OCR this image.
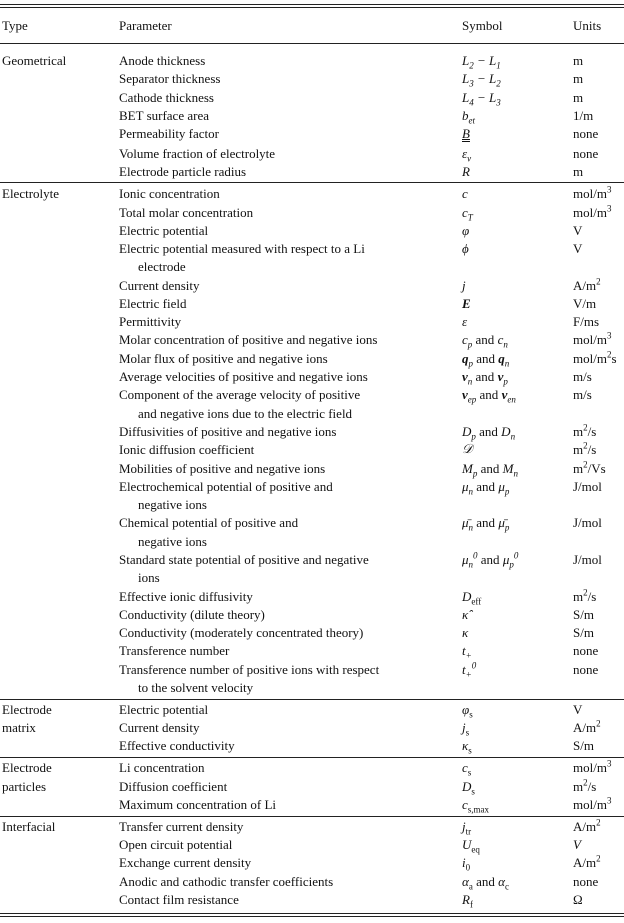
Type	Parameter	Symbol	Units
Geometrical	Anode thickness	$L_2 - L_1$	m
Separator thickness	$L_3 - L_2$	m
Cathode thickness	$L_4 - L_3$	m
BET surface area	$b_{et}$	1/m
Permeability factor	B	none
Volume fraction of electrolyte	$\varepsilon_v$	none
Electrode particle radius	R	m
Electrolyte	Ionic concentration	c	mol/$m^3$
Total molar concentration	$c_T$	mol/$m^3$
Electric potential	φ	V
Electric potential measured with respect to a Li	ϕ	V
electrode
Current density	j	$A/m^2$
Electric field	E	V/m
Permittivity	ε	F/ms
Molar concentration of positive and negative ions	$c_p$ and $c_n$	mol/$m^3$
Molar flux of positive and negative ions	$q_p$ and $q_n$	mol/$m^2s$
Average velocities of positive and negative ions	$v_n$ and $v_p$	m/s
Component of the average velocity of positive	$v_{ep}$ and $v_{en}$	m/s
and negative ions due to the electric field
Diffusivities of positive and negative ions	$D_p$ and $D_n$	$m^2/s$
Ionic diffusion coefficient	𝒟	$m^2/s$
Mobilities of positive and negative ions	$M_p$ and $M_n$	$m^2/Vs$
Electrochemical potential of positive and	$\mu_n$ and $\mu_p$	J/mol
negative ions
Chemical potential of positive and	$\mū_n$ and $\mū_p$	J/mol
negative ions
Standard state potential of positive and negative	$\mu_n^0$ and $\mu_p^0$	J/mol
ions
Effective ionic diffusivity	$D_{eff}$	$m^2/s$
Conductivity (dilute theory)	κ̂	S/m
Conductivity (moderately concentrated theory)	κ	S/m
Transference number	$t_+$	none
Transference number of positive ions with respect	$t_+^0$	none
to the solvent velocity
Electrode	Electric potential	$\varphi_s$	V
matrix	Current density	$j_s$	$A/m^2$
Effective conductivity	$\kappa_s$	S/m
Electrode	Li concentration	$c_s$	mol/$m^3$
particles	Diffusion coefficient	$D_s$	$m^2/s$
Maximum concentration of Li	$c_{s,max}$	mol/$m^3$
Interfacial	Transfer current density	$j_{tr}$	$A/m^2$
Open circuit potential	$U_{eq}$	V
Exchange current density	$i_0$	$A/m^2$
Anodic and cathodic transfer coefficients	$\alpha_a$ and $\alpha_c$	none
Contact film resistance	$R_f$	Ω
